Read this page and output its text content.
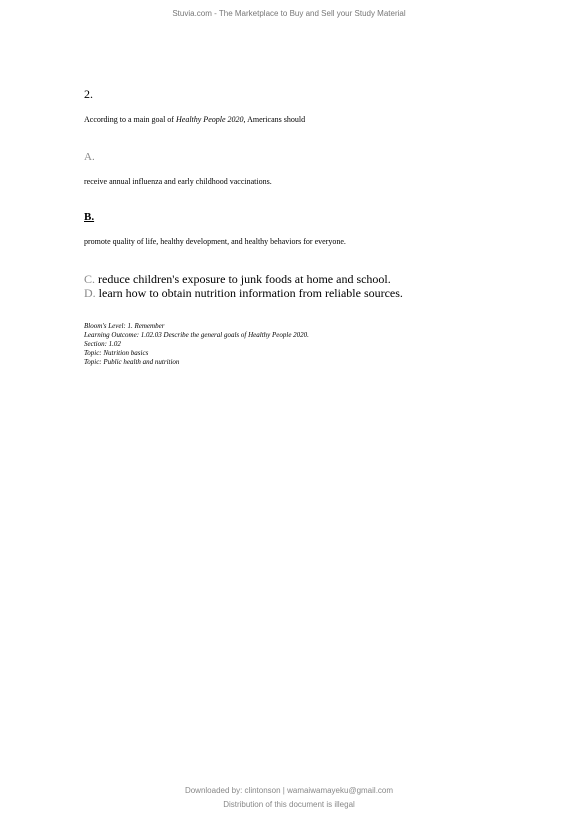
Stuvia.com - The Marketplace to Buy and Sell your Study Material
2.
According to a main goal of Healthy People 2020, Americans should
A.
receive annual influenza and early childhood vaccinations.
B.
promote quality of life, healthy development, and healthy behaviors for everyone.
C. reduce children's exposure to junk foods at home and school.
D. learn how to obtain nutrition information from reliable sources.
Bloom's Level: 1. Remember
Learning Outcome: 1.02.03 Describe the general goals of Healthy People 2020.
Section: 1.02
Topic: Nutrition basics
Topic: Public health and nutrition
Downloaded by: clintonson | wamaiwamayeku@gmail.com
Distribution of this document is illegal
